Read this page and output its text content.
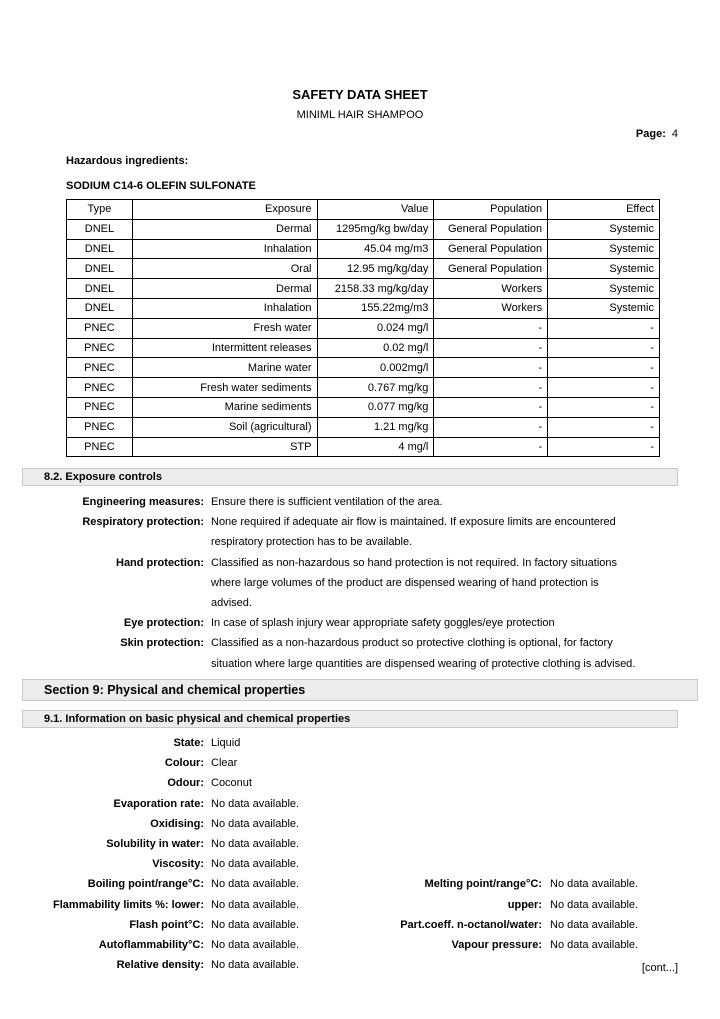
SAFETY DATA SHEET
MINIML HAIR SHAMPOO
Page: 4
Hazardous ingredients:
SODIUM C14-6 OLEFIN SULFONATE
Type	Exposure	Value	Population	Effect
DNEL	Dermal	1295mg/kg bw/day	General Population	Systemic
DNEL	Inhalation	45.04 mg/m3	General Population	Systemic
DNEL	Oral	12.95 mg/kg/day	General Population	Systemic
DNEL	Dermal	2158.33 mg/kg/day	Workers	Systemic
DNEL	Inhalation	155.22mg/m3	Workers	Systemic
PNEC	Fresh water	0.024 mg/l	-	-
PNEC	Intermittent releases	0.02 mg/l	-	-
PNEC	Marine water	0.002mg/l	-	-
PNEC	Fresh water sediments	0.767 mg/kg	-	-
PNEC	Marine sediments	0.077 mg/kg	-	-
PNEC	Soil (agricultural)	1.21 mg/kg	-	-
PNEC	STP	4 mg/l	-	-
8.2. Exposure controls
Engineering measures: Ensure there is sufficient ventilation of the area.
Respiratory protection: None required if adequate air flow is maintained. If exposure limits are encountered
respiratory protection has to be available.
Hand protection: Classified as non-hazardous so hand protection is not required. In factory situations
where large volumes of the product are dispensed wearing of hand protection is
advised.
Eye protection: In case of splash injury wear appropriate safety goggles/eye protection
Skin protection: Classified as a non-hazardous product so protective clothing is optional, for factory
situation where large quantities are dispensed wearing of protective clothing is advised.
Section 9: Physical and chemical properties
9.1. Information on basic physical and chemical properties
State: Liquid
Colour: Clear
Odour: Coconut
Evaporation rate: No data available.
Oxidising: No data available.
Solubility in water: No data available.
Viscosity: No data available.
Boiling point/range°C: No data available.	Melting point/range°C: No data available.
Flammability limits %: lower: No data available.	upper: No data available.
Flash point°C: No data available.	Part.coeff. n-octanol/water: No data available.
Autoflammability°C: No data available.	Vapour pressure: No data available.
Relative density: No data available.	[cont...]
